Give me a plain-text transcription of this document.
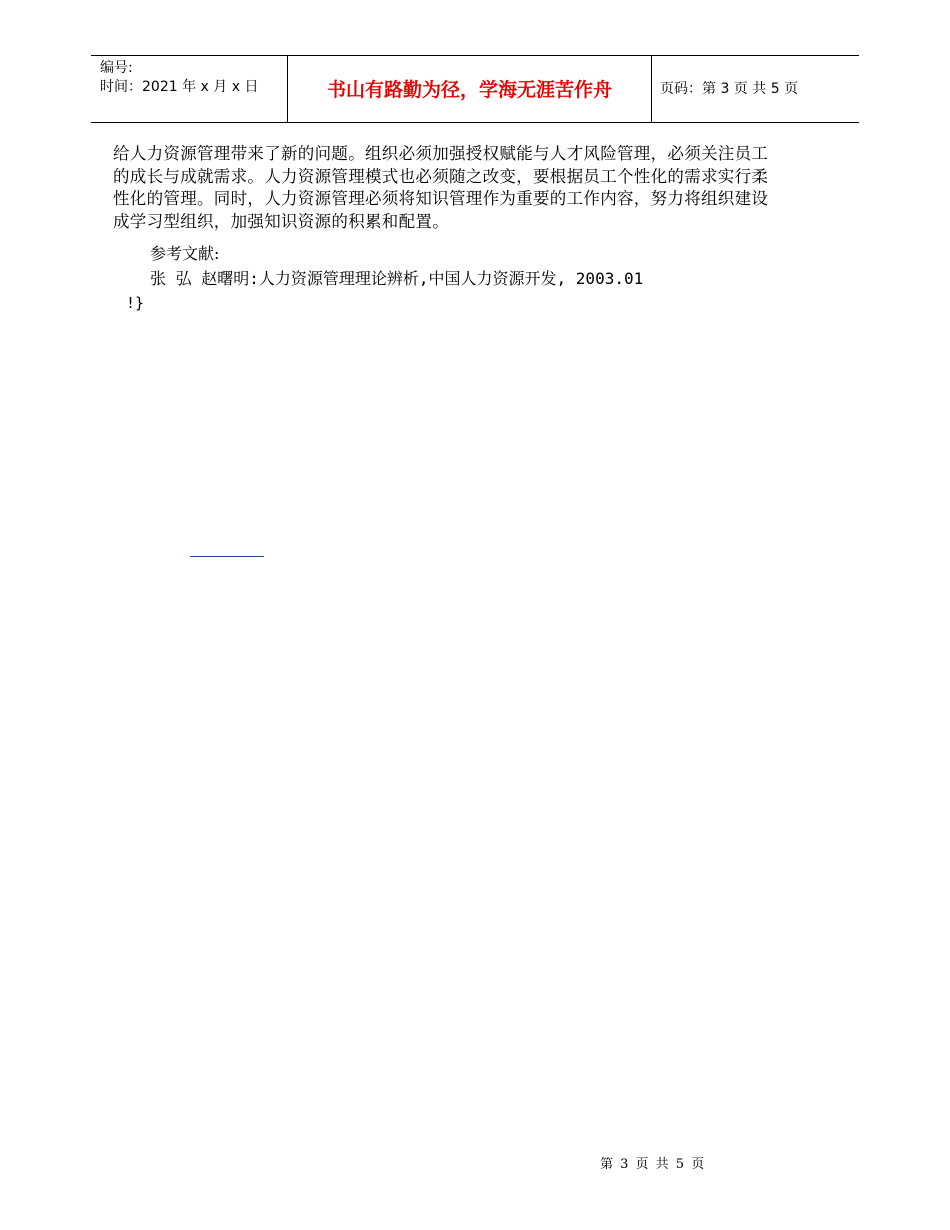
编号:
时间：2021 年 x 月 x 日	书山有路勤为径，学海无涯苦作舟	页码：第 3 页 共 5 页

给人力资源管理带来了新的问题。组织必须加强授权赋能与人才风险管理，必须关注员工的成长与成就需求。人力资源管理模式也必须随之改变，要根据员工个性化的需求实行柔性化的管理。同时，人力资源管理必须将知识管理作为重要的工作内容，努力将组织建设成学习型组织，加强知识资源的积累和配置。

参考文献:
张 弘 赵曙明:人力资源管理理论辨析,中国人力资源开发, 2003.01
!}
第 3 页 共 5 页
